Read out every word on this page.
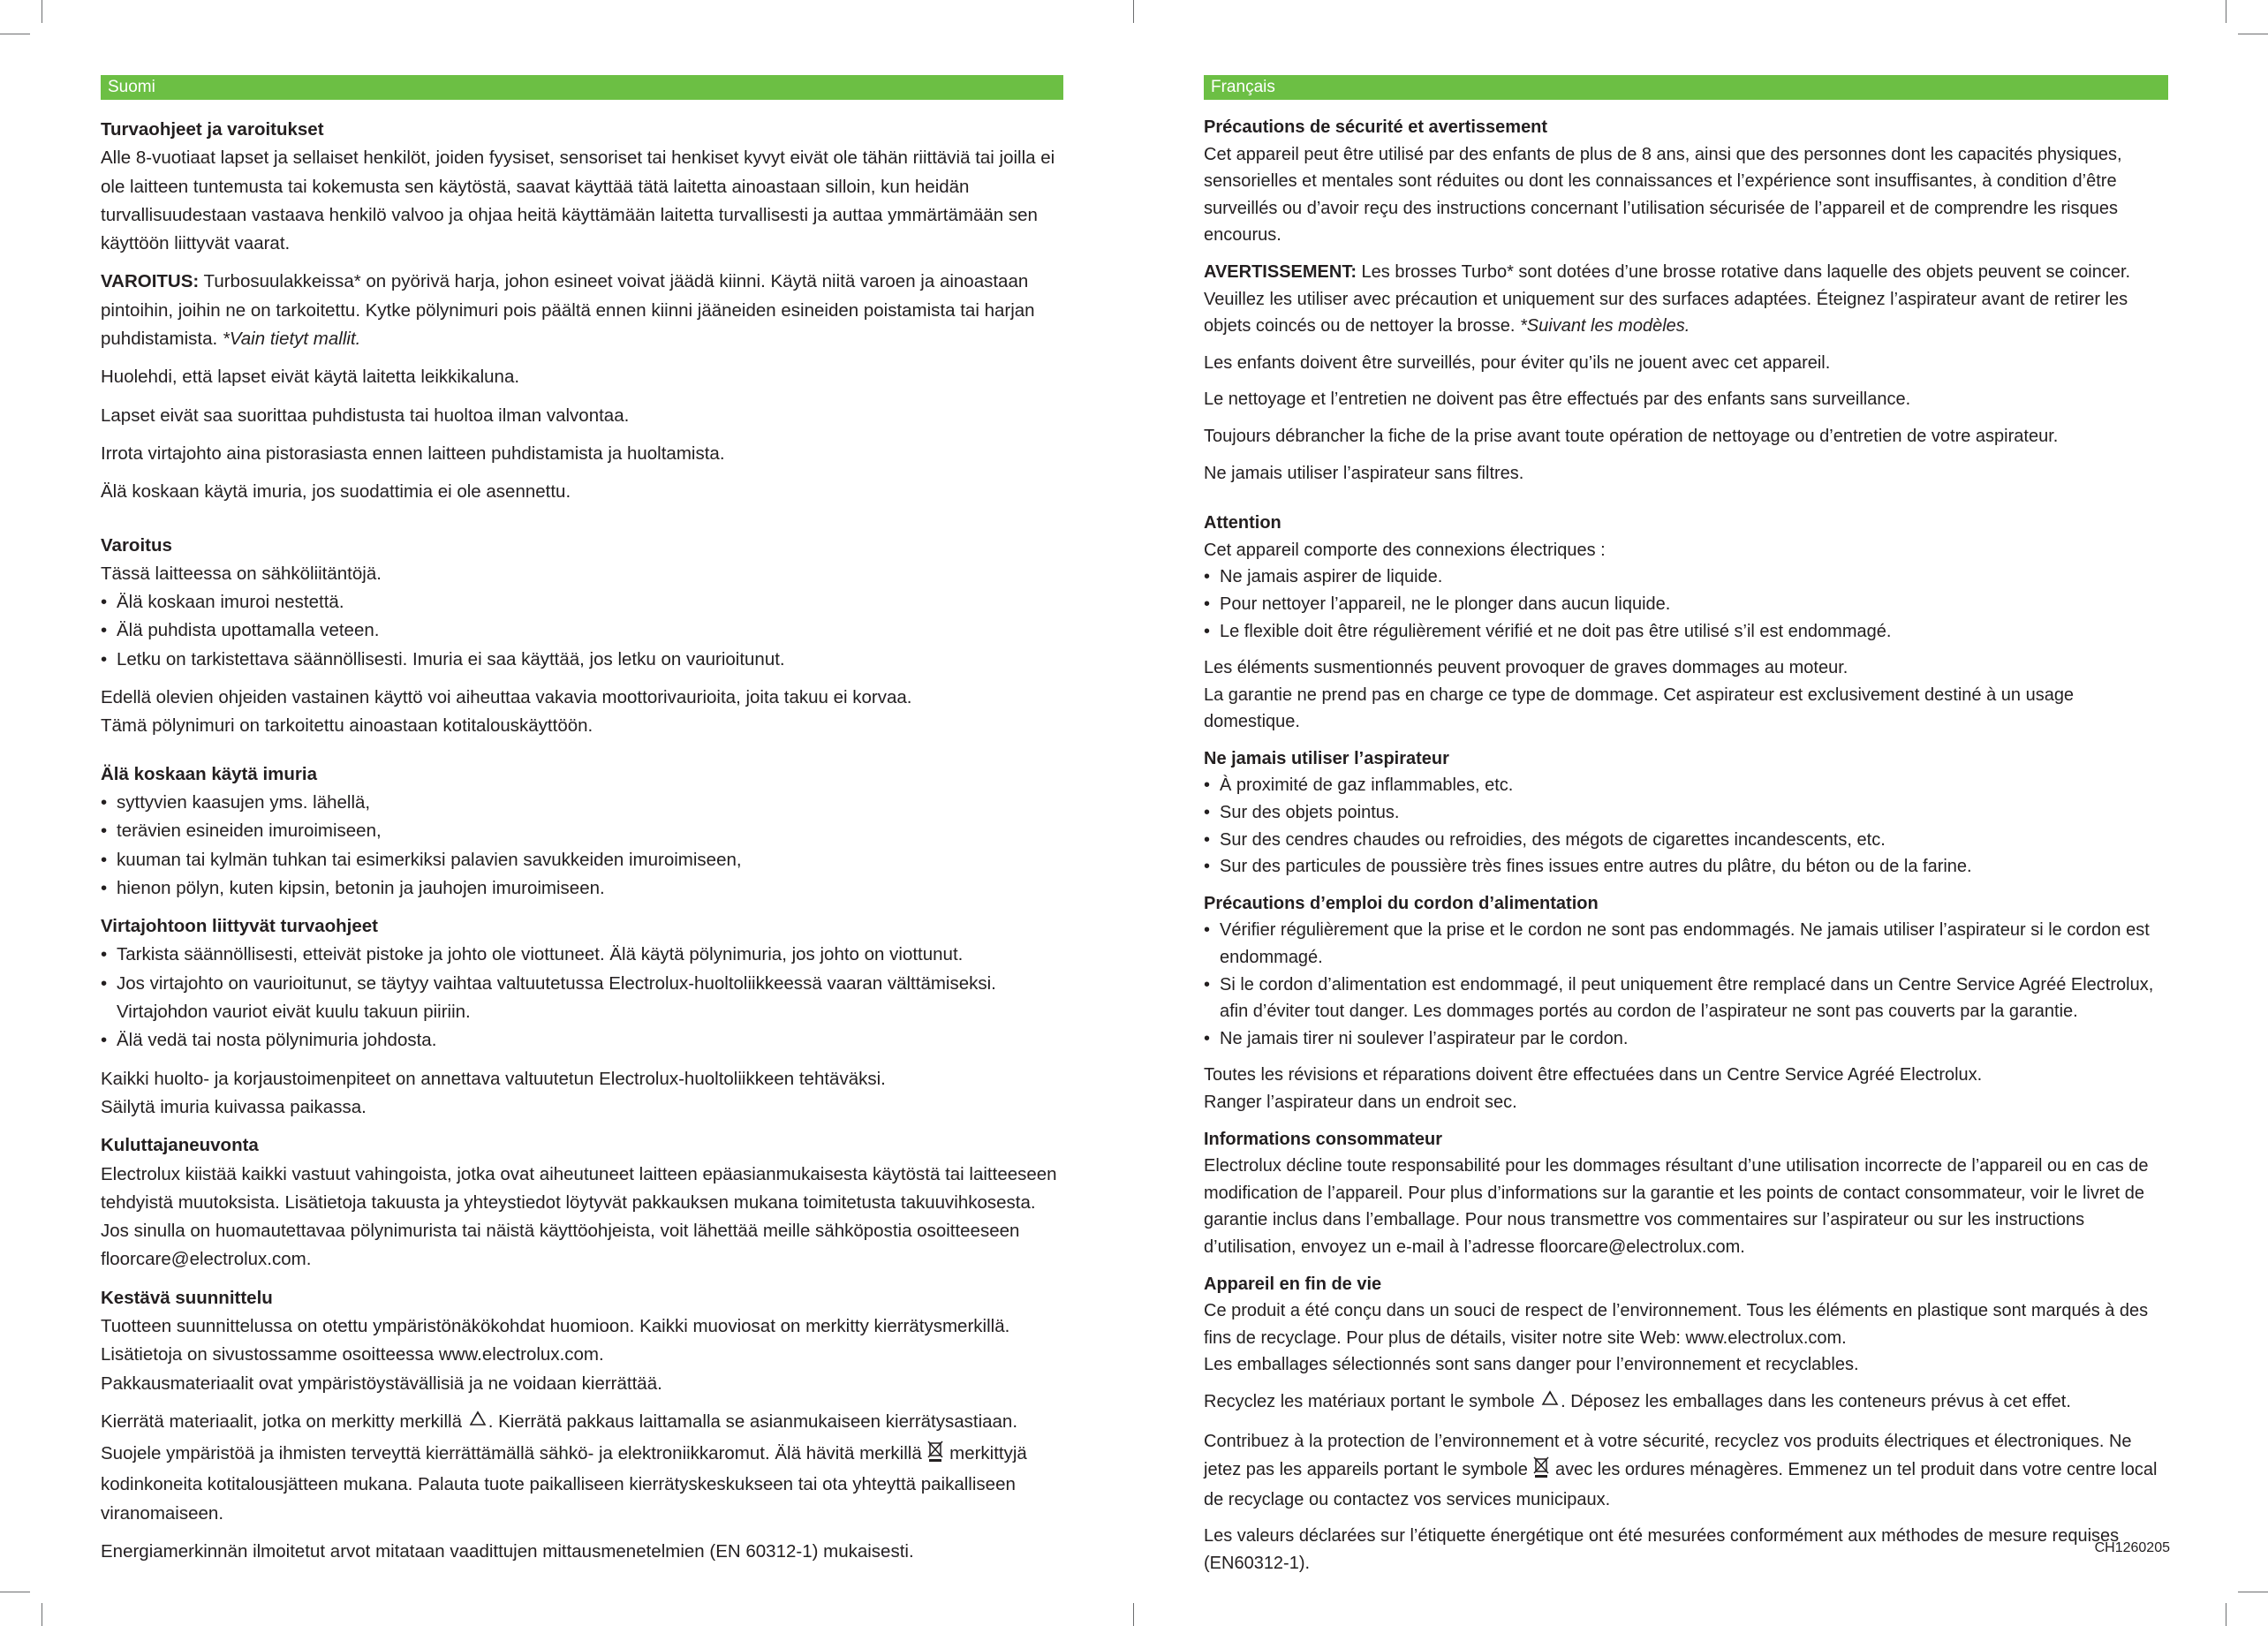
Suomi

Turvaohjeet ja varoitukset

Alle 8-vuotiaat lapset ja sellaiset henkilöt, joiden fyysiset, sensoriset tai henkiset kyvyt eivät ole tähän riittäviä tai joilla ei ole laitteen tuntemusta tai kokemusta sen käytöstä, saavat käyttää tätä laitetta ainoastaan silloin, kun heidän turvallisuudestaan vastaava henkilö valvoo ja ohjaa heitä käyttämään laitetta turvallisesti ja auttaa ymmärtämään sen käyttöön liittyvät vaarat.

VAROITUS: Turbosuulakkeissa* on pyörivä harja, johon esineet voivat jäädä kiinni. Käytä niitä varoen ja ainoastaan pintoihin, joihin ne on tarkoitettu. Kytke pölynimuri pois päältä ennen kiinni jääneiden esineiden poistamista tai harjan puhdistamista. *Vain tietyt mallit.

Huolehdi, että lapset eivät käytä laitetta leikkikaluna.

Lapset eivät saa suorittaa puhdistusta tai huoltoa ilman valvontaa.

Irrota virtajohto aina pistorasiasta ennen laitteen puhdistamista ja huoltamista.

Älä koskaan käytä imuria, jos suodattimia ei ole asennettu.

Varoitus

Tässä laitteessa on sähköliitäntöjä.

• Älä koskaan imuroi nestettä.
• Älä puhdista upottamalla veteen.
• Letku on tarkistettava säännöllisesti. Imuria ei saa käyttää, jos letku on vaurioitunut.

Edellä olevien ohjeiden vastainen käyttö voi aiheuttaa vakavia moottorivaurioita, joita takuu ei korvaa.

Tämä pölynimuri on tarkoitettu ainoastaan kotitalouskäyttöön.

Älä koskaan käytä imuria

• syttyvien kaasujen yms. lähellä,
• terävien esineiden imuroimiseen,
• kuuman tai kylmän tuhkan tai esimerkiksi palavien savukkeiden imuroimiseen,
• hienon pölyn, kuten kipsin, betonin ja jauhojen imuroimiseen.

Virtajohtoon liittyvät turvaohjeet

• Tarkista säännöllisesti, etteivät pistoke ja johto ole viottuneet. Älä käytä pölynimuria, jos johto on viottunut.
• Jos virtajohto on vaurioitunut, se täytyy vaihtaa valtuutetussa Electrolux-huoltoliikkeessä vaaran välttämiseksi. Virtajohdon vauriot eivät kuulu takuun piiriin.
• Älä vedä tai nosta pölynimuria johdosta.

Kaikki huolto- ja korjaustoimenpiteet on annettava valtuutetun Electrolux-huoltoliikkeen tehtäväksi.

Säilytä imuria kuivassa paikassa.

Kuluttajaneuvonta

Electrolux kiistää kaikki vastuut vahingoista, jotka ovat aiheutuneet laitteen epäasianmukaisesta käytöstä tai laitteeseen tehdyistä muutoksista. Lisätietoja takuusta ja yhteystiedot löytyvät pakkauksen mukana toimitetusta takuuvihkosesta. Jos sinulla on huomautettavaa pölynimurista tai näistä käyttöohjeista, voit lähettää meille sähköpostia osoitteeseen floorcare@electrolux.com.

Kestävä suunnittelu

Tuotteen suunnittelussa on otettu ympäristönäkökohdat huomioon. Kaikki muoviosat on merkitty kierrätysmerkillä. Lisätietoja on sivustossamme osoitteessa www.electrolux.com.

Pakkausmateriaalit ovat ympäristöystävällisiä ja ne voidaan kierrättää.

Kierrätä materiaalit, jotka on merkitty merkillä . Kierrätä pakkaus laittamalla se asianmukaiseen kierrätysastiaan. Suojele ympäristöä ja ihmisten terveyttä kierrättämällä sähkö- ja elektroniikkaromut. Älä hävitä merkillä  merkittyjä kodinkoneita kotitalousjätteen mukana. Palauta tuote paikalliseen kierrätyskeskukseen tai ota yhteyttä paikalliseen viranomaiseen.

Energiamerkinnän ilmoitetut arvot mitataan vaadittujen mittausmenetelmien (EN 60312-1) mukaisesti.

Français

Précautions de sécurité et avertissement

Cet appareil peut être utilisé par des enfants de plus de 8 ans, ainsi que des personnes dont les capacités physiques, sensorielles et mentales sont réduites ou dont les connaissances et l’expérience sont insuffisantes, à condition d’être surveillés ou d’avoir reçu des instructions concernant l’utilisation sécurisée de l’appareil et de comprendre les risques encourus.

AVERTISSEMENT: Les brosses Turbo* sont dotées d’une brosse rotative dans laquelle des objets peuvent se coincer. Veuillez les utiliser avec précaution et uniquement sur des surfaces adaptées. Éteignez l’aspirateur avant de retirer les objets coincés ou de nettoyer la brosse. *Suivant les modèles.

Les enfants doivent être surveillés, pour éviter qu’ils ne jouent avec cet appareil.

Le nettoyage et l’entretien ne doivent pas être effectués par des enfants sans surveillance.

Toujours débrancher la fiche de la prise avant toute opération de nettoyage ou d’entretien de votre aspirateur.

Ne jamais utiliser l’aspirateur sans filtres.

Attention

Cet appareil comporte des connexions électriques :

• Ne jamais aspirer de liquide.
• Pour nettoyer l’appareil, ne le plonger dans aucun liquide.
• Le flexible doit être régulièrement vérifié et ne doit pas être utilisé s’il est endommagé.

Les éléments susmentionnés peuvent provoquer de graves dommages au moteur.

La garantie ne prend pas en charge ce type de dommage. Cet aspirateur est exclusivement destiné à un usage domestique.

Ne jamais utiliser l’aspirateur

• À proximité de gaz inflammables, etc.
• Sur des objets pointus.
• Sur des cendres chaudes ou refroidies, des mégots de cigarettes incandescents, etc.
• Sur des particules de poussière très fines issues entre autres du plâtre, du béton ou de la farine.

Précautions d’emploi du cordon d’alimentation

• Vérifier régulièrement que la prise et le cordon ne sont pas endommagés. Ne jamais utiliser l’aspirateur si le cordon est endommagé.
• Si le cordon d’alimentation est endommagé, il peut uniquement être remplacé dans un Centre Service Agréé Electrolux, afin d’éviter tout danger. Les dommages portés au cordon de l’aspirateur ne sont pas couverts par la garantie.
• Ne jamais tirer ni soulever l’aspirateur par le cordon.

Toutes les révisions et réparations doivent être effectuées dans un Centre Service Agréé Electrolux.

Ranger l’aspirateur dans un endroit sec.

Informations consommateur

Electrolux décline toute responsabilité pour les dommages résultant d’une utilisation incorrecte de l’appareil ou en cas de modification de l’appareil. Pour plus d’informations sur la garantie et les points de contact consommateur, voir le livret de garantie inclus dans l’emballage. Pour nous transmettre vos commentaires sur l’aspirateur ou sur les instructions d’utilisation, envoyez un e-mail à l’adresse floorcare@electrolux.com.

Appareil en fin de vie

Ce produit a été conçu dans un souci de respect de l’environnement. Tous les éléments en plastique sont marqués à des fins de recyclage. Pour plus de détails, visiter notre site Web: www.electrolux.com.

Les emballages sélectionnés sont sans danger pour l’environnement et recyclables.

Recyclez les matériaux portant le symbole . Déposez les emballages dans les conteneurs prévus à cet effet.

Contribuez à la protection de l’environnement et à votre sécurité, recyclez vos produits électriques et électroniques. Ne jetez pas les appareils portant le symbole  avec les ordures ménagères. Emmenez un tel produit dans votre centre local de recyclage ou contactez vos services municipaux.

Les valeurs déclarées sur l’étiquette énergétique ont été mesurées conformément aux méthodes de mesure requises (EN60312-1).

CH1260205
